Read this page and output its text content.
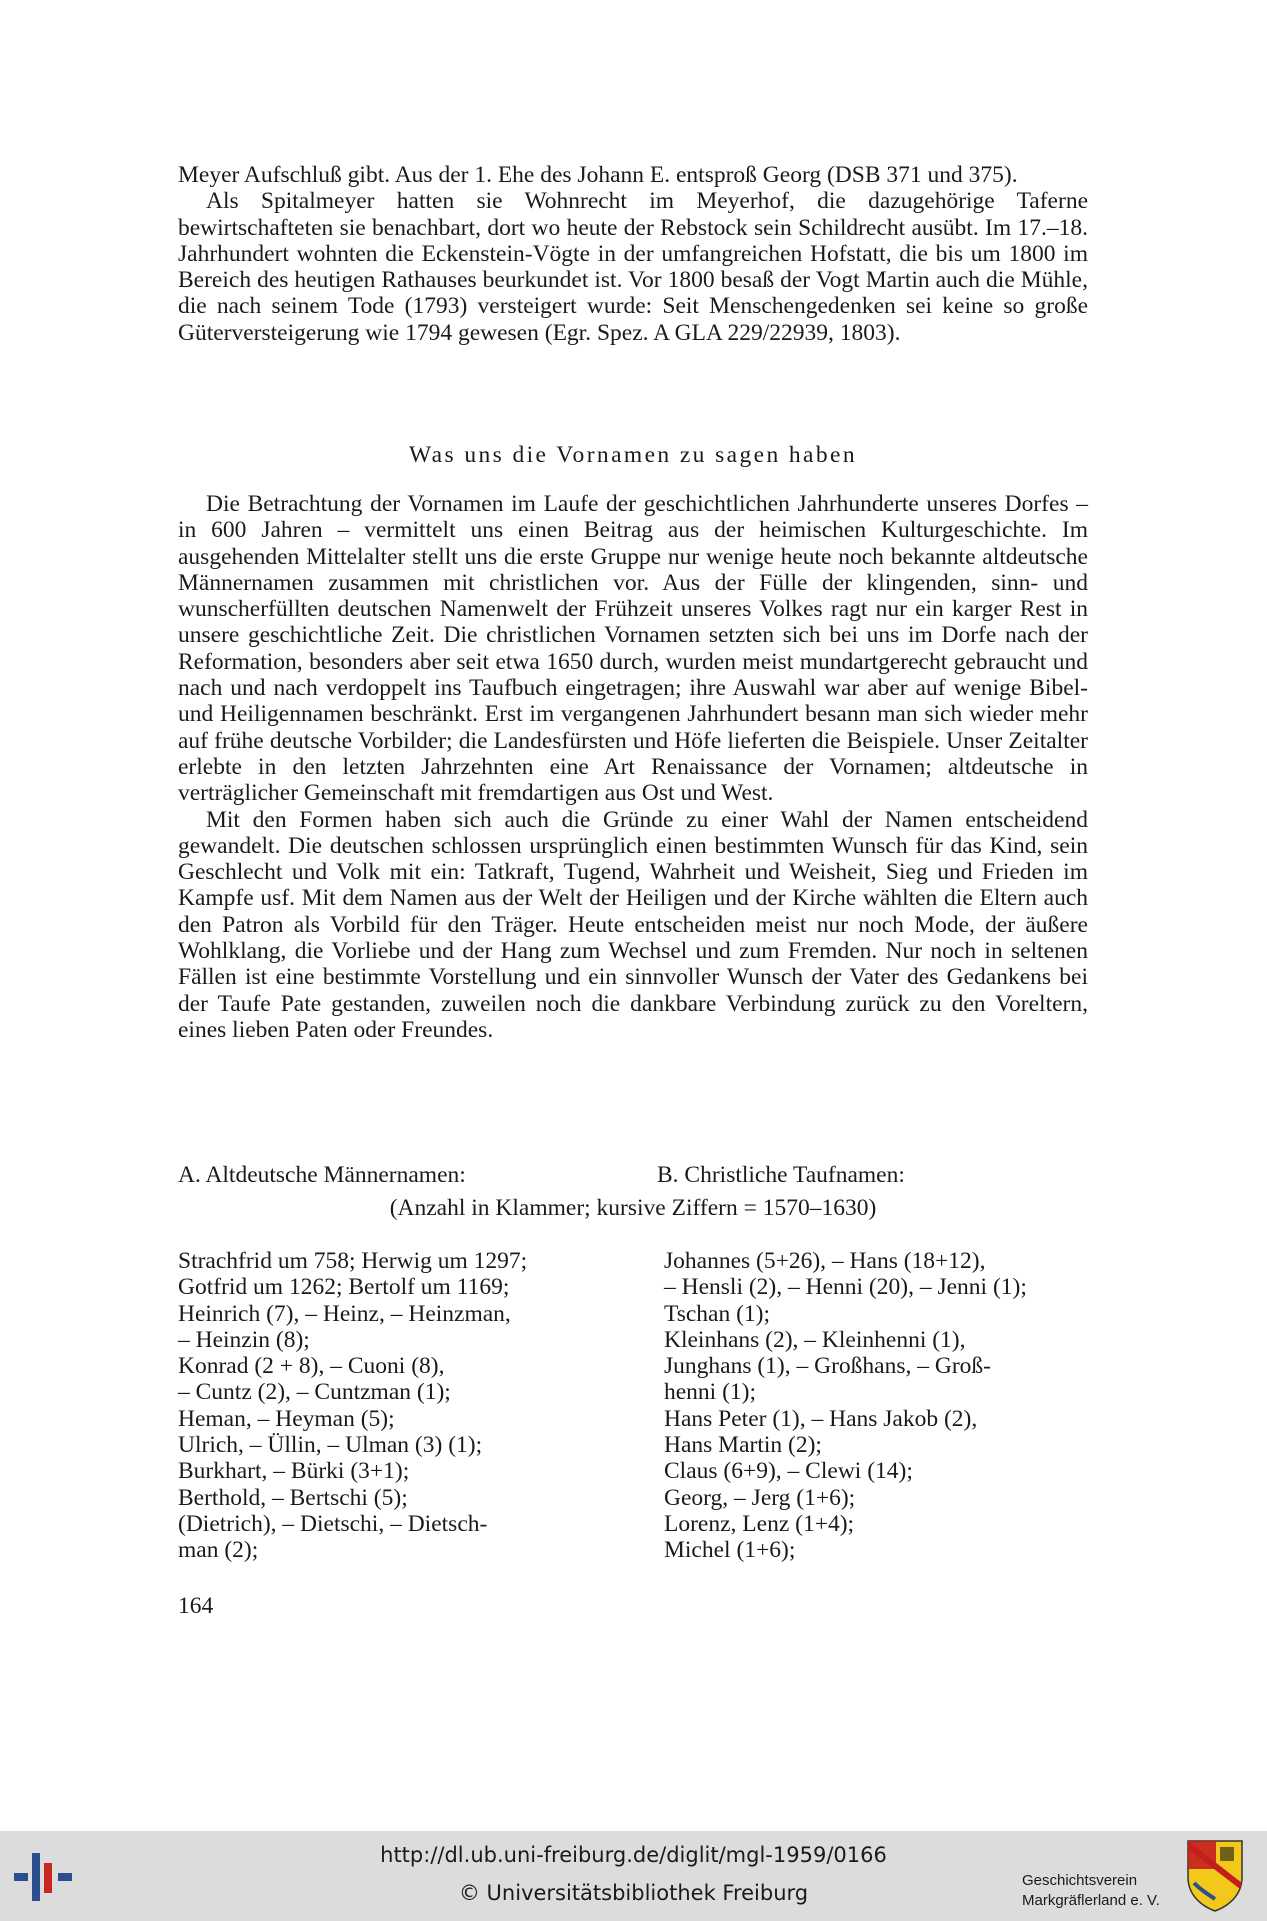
Meyer Aufschluß gibt. Aus der 1. Ehe des Johann E. entsproß Georg (DSB 371 und 375).

Als Spitalmeyer hatten sie Wohnrecht im Meyerhof, die dazugehörige Taferne bewirtschafteten sie benachbart, dort wo heute der Rebstock sein Schildrecht ausübt. Im 17.–18. Jahrhundert wohnten die Eckenstein-Vögte in der umfangreichen Hofstatt, die bis um 1800 im Bereich des heutigen Rathauses beurkundet ist. Vor 1800 besaß der Vogt Martin auch die Mühle, die nach seinem Tode (1793) versteigert wurde: Seit Menschengedenken sei keine so große Güterversteigerung wie 1794 gewesen (Egr. Spez. A GLA 229/22939, 1803).

Was uns die Vornamen zu sagen haben

Die Betrachtung der Vornamen im Laufe der geschichtlichen Jahrhunderte unseres Dorfes – in 600 Jahren – vermittelt uns einen Beitrag aus der heimischen Kulturgeschichte. Im ausgehenden Mittelalter stellt uns die erste Gruppe nur wenige heute noch bekannte altdeutsche Männernamen zusammen mit christlichen vor. Aus der Fülle der klingenden, sinn- und wunscherfüllten deutschen Namenwelt der Frühzeit unseres Volkes ragt nur ein karger Rest in unsere geschichtliche Zeit. Die christlichen Vornamen setzten sich bei uns im Dorfe nach der Reformation, besonders aber seit etwa 1650 durch, wurden meist mundartgerecht gebraucht und nach und nach verdoppelt ins Taufbuch eingetragen; ihre Auswahl war aber auf wenige Bibel- und Heiligennamen beschränkt. Erst im vergangenen Jahrhundert besann man sich wieder mehr auf frühe deutsche Vorbilder; die Landesfürsten und Höfe lieferten die Beispiele. Unser Zeitalter erlebte in den letzten Jahrzehnten eine Art Renaissance der Vornamen; altdeutsche in verträglicher Gemeinschaft mit fremdartigen aus Ost und West.

Mit den Formen haben sich auch die Gründe zu einer Wahl der Namen entscheidend gewandelt. Die deutschen schlossen ursprünglich einen bestimmten Wunsch für das Kind, sein Geschlecht und Volk mit ein: Tatkraft, Tugend, Wahrheit und Weisheit, Sieg und Frieden im Kampfe usf. Mit dem Namen aus der Welt der Heiligen und der Kirche wählten die Eltern auch den Patron als Vorbild für den Träger. Heute entscheiden meist nur noch Mode, der äußere Wohlklang, die Vorliebe und der Hang zum Wechsel und zum Fremden. Nur noch in seltenen Fällen ist eine bestimmte Vorstellung und ein sinnvoller Wunsch der Vater des Gedankens bei der Taufe Pate gestanden, zuweilen noch die dankbare Verbindung zurück zu den Voreltern, eines lieben Paten oder Freundes.

A. Altdeutsche Männernamen:	B. Christliche Taufnamen:
(Anzahl in Klammer; kursive Ziffern = 1570–1630)
Strachfrid um 758; Herwig um 1297;
Gotfrid um 1262; Bertolf um 1169;
Heinrich (7), – Heinz, – Heinzman,
– Heinzin (8);
Konrad (2 + 8), – Cuoni (8),
– Cuntz (2), – Cuntzman (1);
Heman, – Heyman (5);
Ulrich, – Üllin, – Ulman (3) (1);
Burkhart, – Bürki (3+1);
Berthold, – Bertschi (5);
(Dietrich), – Dietschi, – Dietsch-
man (2);
Johannes (5+26), – Hans (18+12),
– Hensli (2), – Henni (20), – Jenni (1);
Tschan (1);
Kleinhans (2), – Kleinhenni (1),
Junghans (1), – Großhans, – Groß-
henni (1);
Hans Peter (1), – Hans Jakob (2),
Hans Martin (2);
Claus (6+9), – Clewi (14);
Georg, – Jerg (1+6);
Lorenz, Lenz (1+4);
Michel (1+6);
164
http://dl.ub.uni-freiburg.de/diglit/mgl-1959/0166
© Universitätsbibliothek Freiburg
Geschichtsverein
Markgräflerland e. V.
